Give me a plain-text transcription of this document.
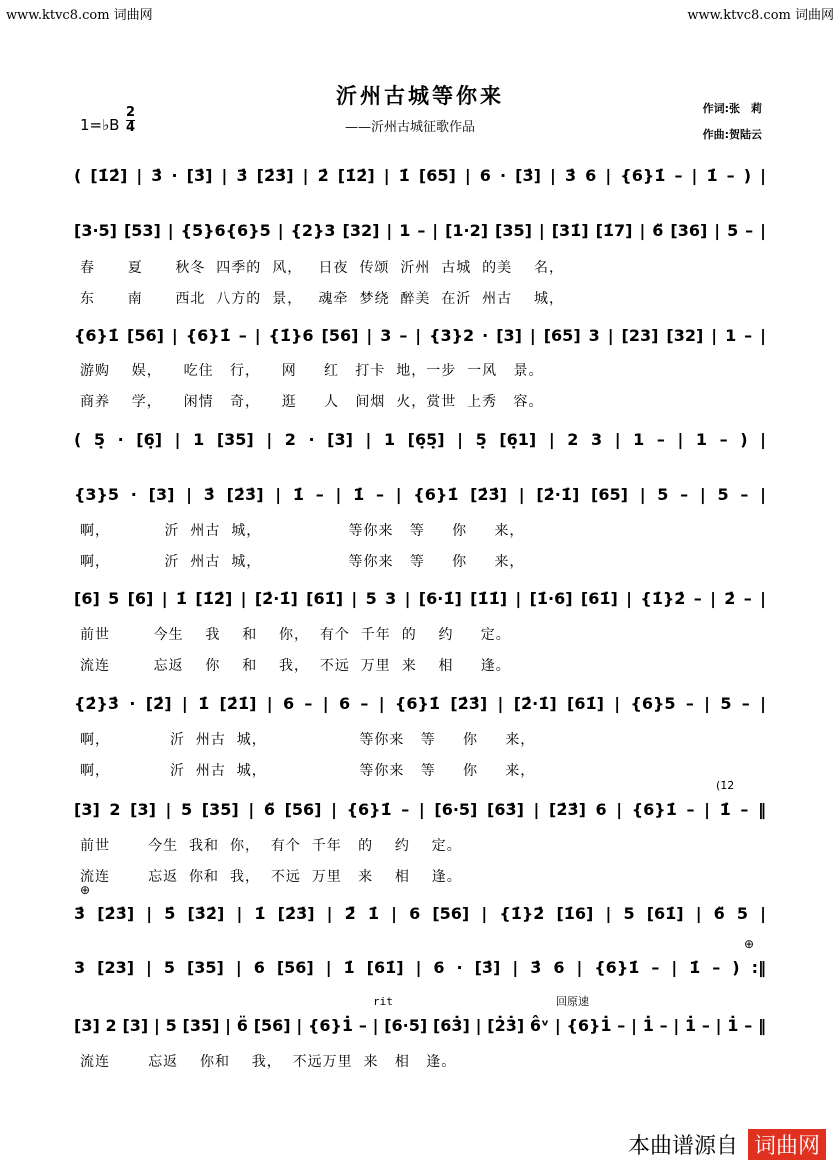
www.ktvc8.com 词曲网	www.ktvc8.com 词曲网
沂州古城等你来
——沂州古城征歌作品
作词:张　莉
作曲:贺陆云
1=♭B
2
4
( [1̇2̇] | 3̇ · [3̇] | 3̇ [2̇3̇] | 2̇ [1̇2̇] | 1̇ [65] | 6 · [3̇] | 3̇ 6 | {6}1̇ – | 1̇ – ) |
[3·5] [53] | {5}6{6}5 | {2}3 [32] | 1 – | [1·2] [35] | [31̇] [1̇7] | 6̈ [36] | 5 – |
春      夏      秋冬  四季的  风，   日夜  传颂  沂州  古城  的美    名，
东      南      西北  八方的  景，   魂牵  梦绕  醉美  在沂  州古    城，
{6}1̇ [56] | {6}1̇ – | {1̇}6 [56] | 3 – | {3}2 · [3] | [65] 3 | [23] [32] | 1 – |
游购    娱，    吃住   行，    网     红   打卡  地，一步  一风   景。
商养    学，    闲情   奇，    逛     人   间烟  火，赏世  上秀   容。
( 5̣ · [6̣] | 1 [35] | 2 · [3] | 1 [6̣5̣] | 5̣ [6̣1] | 2 3 | 1 – | 1 – ) |
{3}5 · [3] | 3̇ [2̇3̇] | 1̇ – | 1̇ – | {6}1̇ [2̇3̇] | [2̇·1̇] [65] | 5 – | 5 – |
啊，          沂  州古  城，                等你来   等     你     来，
啊，          沂  州古  城，                等你来   等     你     来，
[6] 5 [6] | 1̇ [1̇2̇] | [2̇·1̇] [61̇] | 5 3 | [6·1̇] [1̇1̇] | [1̇·6] [61̇] | {1̇}2̇ – | 2̇ – |
前世        今生    我    和    你，  有个  千年  的    约     定。
流连        忘返    你    和    我，  不远  万里  来    相     逢。
{2̇}3̇ · [2̇] | 1̇ [2̇1̇] | 6 – | 6 – | {6}1̇ [2̇3̇] | [2̇·1̇] [61̇] | {6}5 – | 5 – |
啊，           沂  州古  城，                 等你来   等     你     来，
啊，           沂  州古  城，                 等你来   等     你     来，
(1̇2̇
[3] 2 [3] | 5 [35] | 6̈ [56] | {6}1̇ – | [6·5] [63̇] | [2̇3̇] 6 | {6}1̇ – | 1̇ – ‖
前世       今生  我和  你，  有个  千年   的    约    定。
流连       忘返  你和  我，  不远  万里   来    相    逢。
⊕
3̇ [2̇3̇] | 5̇ [3̇2̇] | 1̇ [2̇3̇] | 2̈̇ 1̇ | 6 [56] | {1̇}2̇ [1̇6] | 5 [61̇] | 6̈ 5 |
⊕
3 [23] | 5 [35] | 6 [56] | 1̇ [61̇] | 6 · [3̇] | 3̇ 6 | {6}1̇ – | 1̇ – ) :‖
rit	回原速
[3] 2 [3] | 5 [35] | 6̈ [56] | {6}1̇ – | [6·5] [63̇] | [2̇3̇] 6̂ᵛ | {6}1̇ – | 1̇ – | 1̇ – | 1̇ – ‖
流连       忘返    你和    我，  不远万里  来   相   逢。
本曲谱源自 词曲网
